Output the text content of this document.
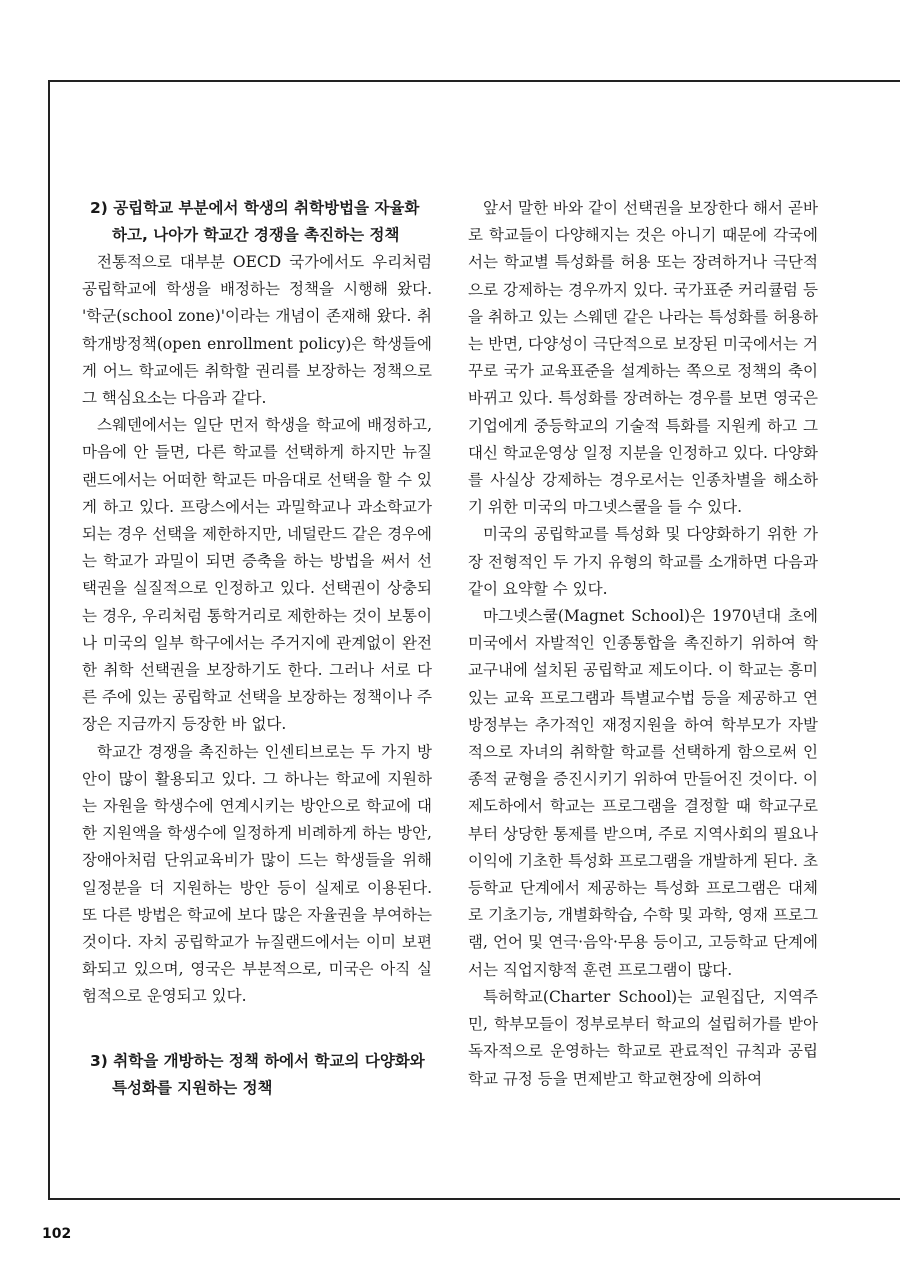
2) 공립학교 부분에서 학생의 취학방법을 자율화하고, 나아가 학교간 경쟁을 촉진하는 정책

전통적으로 대부분 OECD 국가에서도 우리처럼 공립학교에 학생을 배정하는 정책을 시행해 왔다. '학군(school zone)'이라는 개념이 존재해 왔다. 취학개방정책(open enrollment policy)은 학생들에게 어느 학교에든 취학할 권리를 보장하는 정책으로 그 핵심요소는 다음과 같다.

스웨덴에서는 일단 먼저 학생을 학교에 배정하고, 마음에 안 들면, 다른 학교를 선택하게 하지만 뉴질랜드에서는 어떠한 학교든 마음대로 선택을 할 수 있게 하고 있다. 프랑스에서는 과밀학교나 과소학교가 되는 경우 선택을 제한하지만, 네덜란드 같은 경우에는 학교가 과밀이 되면 증축을 하는 방법을 써서 선택권을 실질적으로 인정하고 있다. 선택권이 상충되는 경우, 우리처럼 통학거리로 제한하는 것이 보통이나 미국의 일부 학구에서는 주거지에 관계없이 완전한 취학 선택권을 보장하기도 한다. 그러나 서로 다른 주에 있는 공립학교 선택을 보장하는 정책이나 주장은 지금까지 등장한 바 없다.

학교간 경쟁을 촉진하는 인센티브로는 두 가지 방안이 많이 활용되고 있다. 그 하나는 학교에 지원하는 자원을 학생수에 연계시키는 방안으로 학교에 대한 지원액을 학생수에 일정하게 비례하게 하는 방안, 장애아처럼 단위교육비가 많이 드는 학생들을 위해 일정분을 더 지원하는 방안 등이 실제로 이용된다. 또 다른 방법은 학교에 보다 많은 자율권을 부여하는 것이다. 자치 공립학교가 뉴질랜드에서는 이미 보편화되고 있으며, 영국은 부분적으로, 미국은 아직 실험적으로 운영되고 있다.

3) 취학을 개방하는 정책 하에서 학교의 다양화와 특성화를 지원하는 정책

앞서 말한 바와 같이 선택권을 보장한다 해서 곧바로 학교들이 다양해지는 것은 아니기 때문에 각국에서는 학교별 특성화를 허용 또는 장려하거나 극단적으로 강제하는 경우까지 있다. 국가표준 커리큘럼 등을 취하고 있는 스웨덴 같은 나라는 특성화를 허용하는 반면, 다양성이 극단적으로 보장된 미국에서는 거꾸로 국가 교육표준을 설계하는 쪽으로 정책의 축이 바뀌고 있다. 특성화를 장려하는 경우를 보면 영국은 기업에게 중등학교의 기술적 특화를 지원케 하고 그 대신 학교운영상 일정 지분을 인정하고 있다. 다양화를 사실상 강제하는 경우로서는 인종차별을 해소하기 위한 미국의 마그넷스쿨을 들 수 있다.

미국의 공립학교를 특성화 및 다양화하기 위한 가장 전형적인 두 가지 유형의 학교를 소개하면 다음과 같이 요약할 수 있다.

마그넷스쿨(Magnet School)은 1970년대 초에 미국에서 자발적인 인종통합을 촉진하기 위하여 학교구내에 설치된 공립학교 제도이다. 이 학교는 흥미있는 교육 프로그램과 특별교수법 등을 제공하고 연방정부는 추가적인 재정지원을 하여 학부모가 자발적으로 자녀의 취학할 학교를 선택하게 함으로써 인종적 균형을 증진시키기 위하여 만들어진 것이다. 이 제도하에서 학교는 프로그램을 결정할 때 학교구로 부터 상당한 통제를 받으며, 주로 지역사회의 필요나 이익에 기초한 특성화 프로그램을 개발하게 된다. 초등학교 단계에서 제공하는 특성화 프로그램은 대체로 기초기능, 개별화학습, 수학 및 과학, 영재 프로그램, 언어 및 연극·음악·무용 등이고, 고등학교 단계에서는 직업지향적 훈련 프로그램이 많다.

특허학교(Charter School)는 교원집단, 지역주민, 학부모들이 정부로부터 학교의 설립허가를 받아 독자적으로 운영하는 학교로 관료적인 규칙과 공립학교 규정 등을 면제받고 학교현장에 의하여

102
